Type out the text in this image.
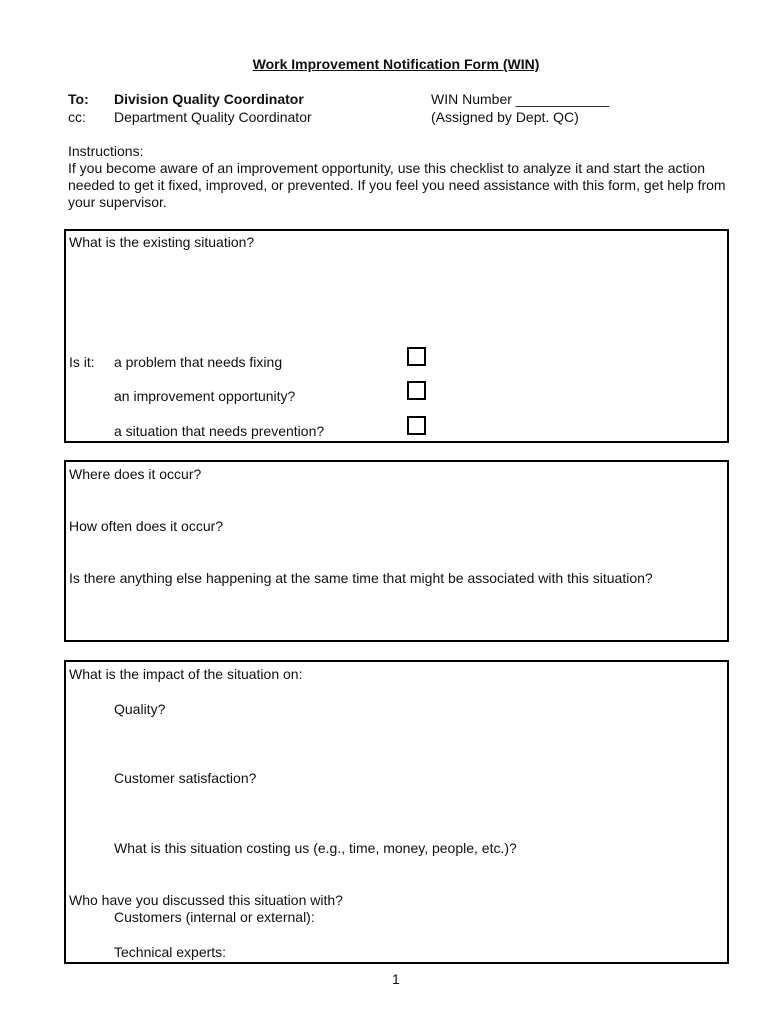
Work Improvement Notification Form (WIN)
To: Division Quality Coordinator
cc: Department Quality Coordinator
WIN Number ____________
(Assigned by Dept. QC)
Instructions:
If you become aware of an improvement opportunity, use this checklist to analyze it and start the action needed to get it fixed, improved, or prevented. If you feel you need assistance with this form, get help from your supervisor.
What is the existing situation?
Is it: a problem that needs fixing
an improvement opportunity?
a situation that needs prevention?
Where does it occur?
How often does it occur?
Is there anything else happening at the same time that might be associated with this situation?
What is the impact of the situation on:
Quality?
Customer satisfaction?
What is this situation costing us (e.g., time, money, people, etc.)?
Who have you discussed this situation with?
Customers (internal or external):
Technical experts:
1
